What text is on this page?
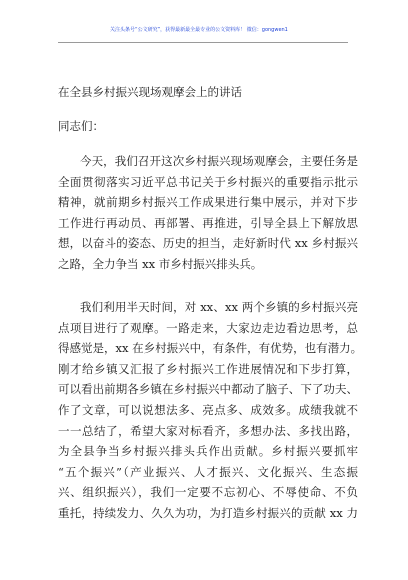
关注头条号“公文研究”，获得最新最全最专业的公文资料库！ 微信：gongwen1
在全县乡村振兴现场观摩会上的讲话
同志们：
今天，我们召开这次乡村振兴现场观摩会，主要任务是
全面贯彻落实习近平总书记关于乡村振兴的重要指示批示
精神，就前期乡村振兴工作成果进行集中展示，并对下步
工作进行再动员、再部署、再推进，引导全县上下解放思
想，以奋斗的姿态、历史的担当，走好新时代 xx 乡村振兴
之路，全力争当 xx 市乡村振兴排头兵。
我们利用半天时间，对 xx、xx 两个乡镇的乡村振兴亮
点项目进行了观摩。一路走来，大家边走边看边思考，总
得感觉是，xx 在乡村振兴中，有条件，有优势，也有潜力。
刚才给乡镇又汇报了乡村振兴工作进展情况和下步打算，
可以看出前期各乡镇在乡村振兴中都动了脑子、下了功夫、
作了文章，可以说想法多、亮点多、成效多。成绩我就不
一一总结了，希望大家对标看齐，多想办法、多找出路，
为全县争当乡村振兴排头兵作出贡献。乡村振兴要抓牢
“五个振兴”（产业振兴、人才振兴、文化振兴、生态振
兴、组织振兴），我们一定要不忘初心、不辱使命、不负
重托，持续发力、久久为功，为打造乡村振兴的贡献 xx 力
